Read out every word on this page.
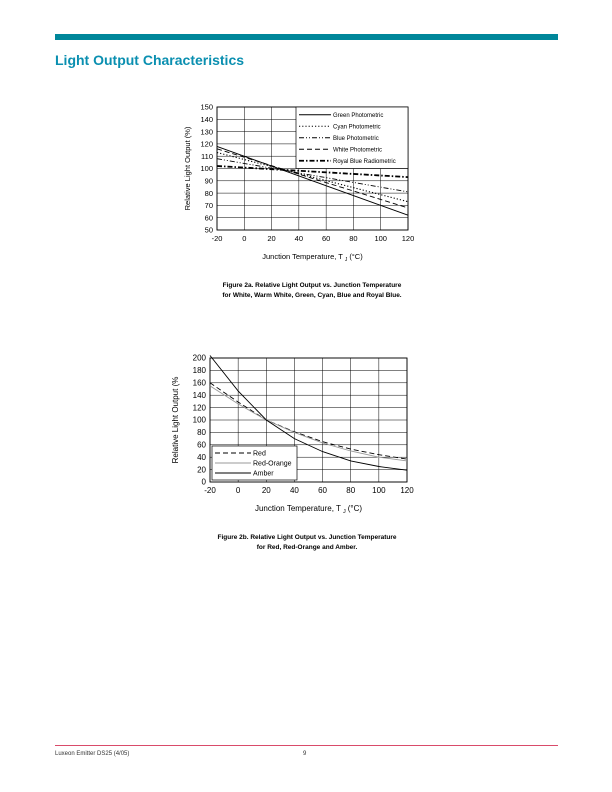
Light Output Characteristics
50
60
70
80
90
100
110
120
130
140
150
-20	0	20	40	60	80 100 120
Junction Temperature, T $_J$ (°C)
Relative Light Output (%)
Green Photometric
Cyan Photometric
Blue Photometric
White Photometric
Royal Blue Radiometric
0
20
40
60
80
100
120
140
160
180
200
-20	0	20 40 60 80 100 120
Junction Temperature, T $_J$ (°C)
Relative Light Output (%	Red
Red-Orange
Amber
Figure 2a. Relative Light Output vs. Junction Temperature
for White, Warm White, Green, Cyan, Blue and Royal Blue.
Figure 2b. Relative Light Output vs. Junction Temperature
for Red, Red-Orange and Amber.
Luxeon Emitter DS25 (4/05)	9
